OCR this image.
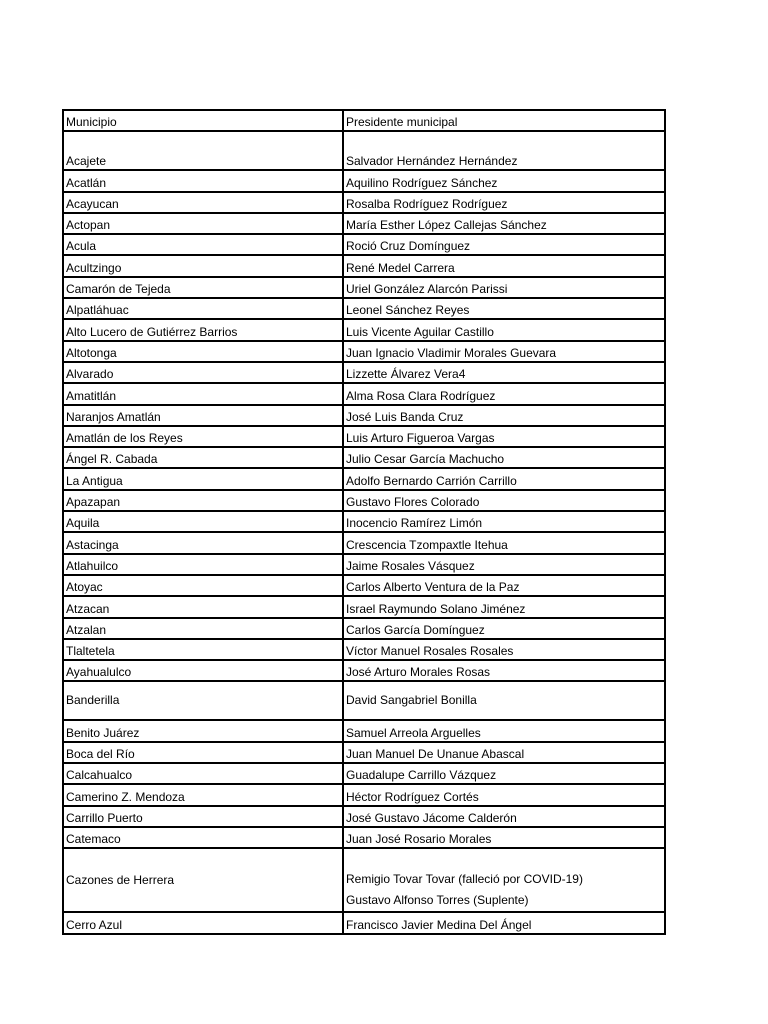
Municipio	Presidente municipal
Acajete	Salvador Hernández Hernández
Acatlán	Aquilino Rodríguez Sánchez
Acayucan	Rosalba Rodríguez Rodríguez
Actopan	María Esther López Callejas Sánchez
Acula	Roció Cruz Domínguez
Acultzingo	René Medel Carrera
Camarón de Tejeda	Uriel González Alarcón Parissi
Alpatláhuac	Leonel Sánchez Reyes
Alto Lucero de Gutiérrez Barrios	Luis Vicente Aguilar Castillo
Altotonga	Juan Ignacio Vladimir Morales Guevara
Alvarado	Lizzette Álvarez Vera4
Amatitlán	Alma Rosa Clara Rodríguez
Naranjos Amatlán	José Luis Banda Cruz
Amatlán de los Reyes	Luis Arturo Figueroa Vargas
Ángel R. Cabada	Julio Cesar García Machucho
La Antigua	Adolfo Bernardo Carrión Carrillo
Apazapan	Gustavo Flores Colorado
Aquila	Inocencio Ramírez Limón
Astacinga	Crescencia Tzompaxtle Itehua
Atlahuilco	Jaime Rosales Vásquez
Atoyac	Carlos Alberto Ventura de la Paz
Atzacan	Israel Raymundo Solano Jiménez
Atzalan	Carlos García Domínguez
Tlaltetela	Víctor Manuel Rosales Rosales
Ayahualulco	José Arturo Morales Rosas
Banderilla	David Sangabriel Bonilla
Benito Juárez	Samuel Arreola Arguelles
Boca del Río	Juan Manuel De Unanue Abascal
Calcahualco	Guadalupe Carrillo Vázquez
Camerino Z. Mendoza	Héctor Rodríguez Cortés
Carrillo Puerto	José Gustavo Jácome Calderón
Catemaco	Juan José Rosario Morales
Cazones de Herrera	Remigio Tovar Tovar (falleció por COVID-19)
Gustavo Alfonso Torres (Suplente)

Cerro Azul	Francisco Javier Medina Del Ángel
